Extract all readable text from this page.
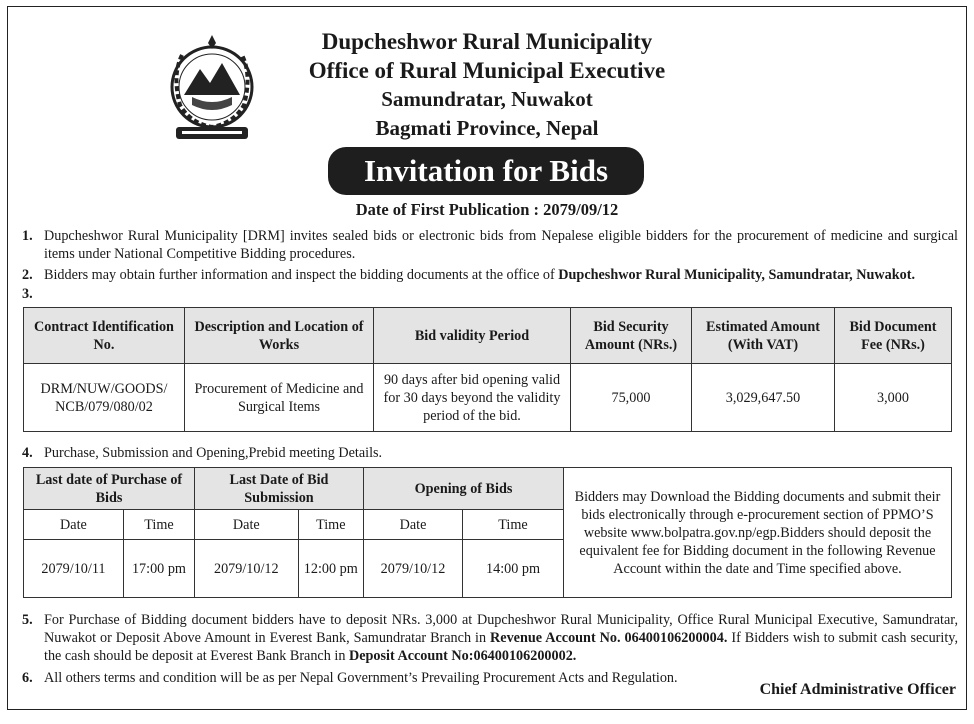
Dupcheshwor Rural Municipality
Office of Rural Municipal Executive
Samundratar, Nuwakot
Bagmati Province, Nepal
Invitation for Bids
Date of First Publication : 2079/09/12
1. Dupcheshwor Rural Municipality [DRM] invites sealed bids or electronic bids from Nepalese eligible bidders for the procurement of medicine and surgical items under National Competitive Bidding procedures.
2. Bidders may obtain further information and inspect the bidding documents at the office of Dupcheshwor Rural Municipality, Samundratar, Nuwakot.
3.
Contract Identification No.	Description and Location of Works	Bid validity Period	Bid Security Amount (NRs.)	Estimated Amount (With VAT)	Bid Document Fee (NRs.)
DRM/NUW/GOODS/ NCB/079/080/02	Procurement of Medicine and Surgical Items	90 days after bid opening valid for 30 days beyond the validity period of the bid.	75,000	3,029,647.50	3,000
4. Purchase, Submission and Opening,Prebid meeting Details.
Last date of Purchase of Bids		Last Date of Bid Submission		Opening of Bids		Bidders may Download the Bidding documents and submit their bids electronically through e-procurement section of PPMO’S website www.bolpatra.gov.np/egp.Bidders should deposit the equivalent fee for Bidding document in the following Revenue Account within the date and Time specified above.
Date	Time	Date	Time	Date	Time	
2079/10/11	17:00 pm	2079/10/12	12:00 pm	2079/10/12	14:00 pm	
5. For Purchase of Bidding document bidders have to deposit NRs. 3,000 at Dupcheshwor Rural Municipality, Office Rural Municipal Executive, Samundratar, Nuwakot or Deposit Above Amount in Everest Bank, Samundratar Branch in Revenue Account No. 06400106200004. If Bidders wish to submit cash security, the cash should be deposit at Everest Bank Branch in Deposit Account No:06400106200002.
6. All others terms and condition will be as per Nepal Government’s Prevailing Procurement Acts and Regulation.
Chief Administrative Officer
